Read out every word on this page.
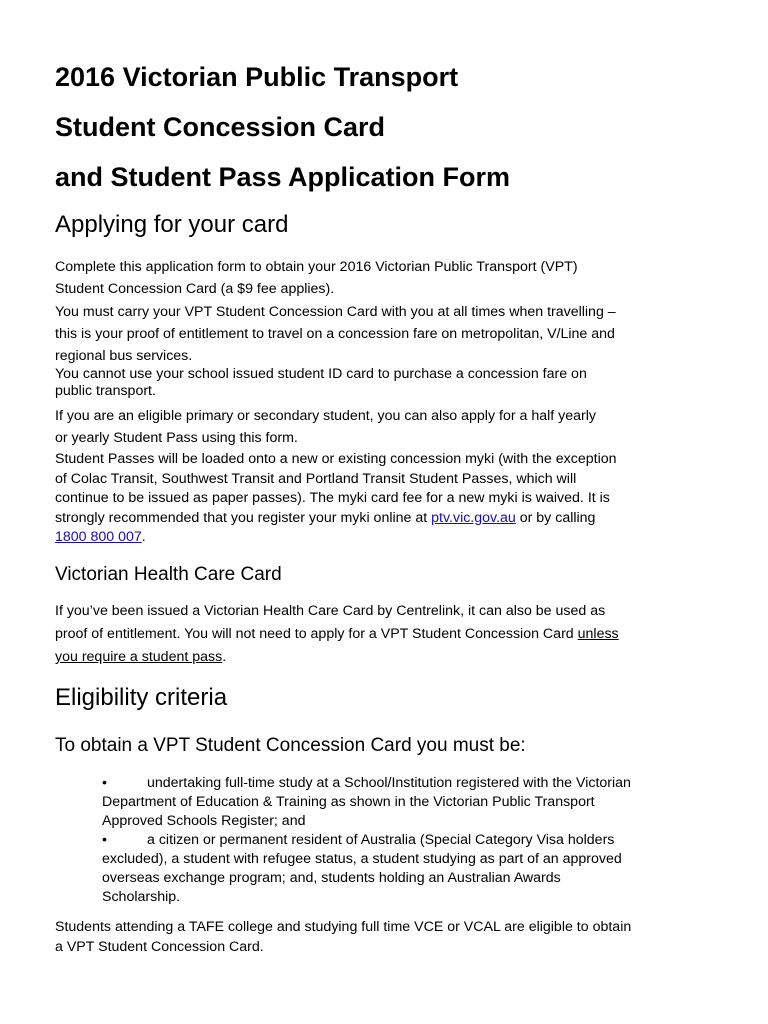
2016 Victorian Public Transport
Student Concession Card
and Student Pass Application Form
Applying for your card

Complete this application form to obtain your 2016 Victorian Public Transport (VPT)
Student Concession Card (a $9 fee applies).

You must carry your VPT Student Concession Card with you at all times when travelling –
this is your proof of entitlement to travel on a concession fare on metropolitan, V/Line and
regional bus services.

You cannot use your school issued student ID card to purchase a concession fare on
public transport.

If you are an eligible primary or secondary student, you can also apply for a half yearly
or yearly Student Pass using this form.

Student Passes will be loaded onto a new or existing concession myki (with the exception
of Colac Transit, Southwest Transit and Portland Transit Student Passes, which will
continue to be issued as paper passes). The myki card fee for a new myki is waived. It is
strongly recommended that you register your myki online at ptv.vic.gov.au or by calling
1800 800 007.

Victorian Health Care Card

If you’ve been issued a Victorian Health Care Card by Centrelink, it can also be used as
proof of entitlement. You will not need to apply for a VPT Student Concession Card unless
you require a student pass.

Eligibility criteria
To obtain a VPT Student Concession Card you must be:
•	undertaking full-time study at a School/Institution registered with the Victorian
Department of Education & Training as shown in the Victorian Public Transport
Approved Schools Register; and
•	a citizen or permanent resident of Australia (Special Category Visa holders
excluded), a student with refugee status, a student studying as part of an approved
overseas exchange program; and, students holding an Australian Awards
Scholarship.

Students attending a TAFE college and studying full time VCE or VCAL are eligible to obtain
a VPT Student Concession Card.
